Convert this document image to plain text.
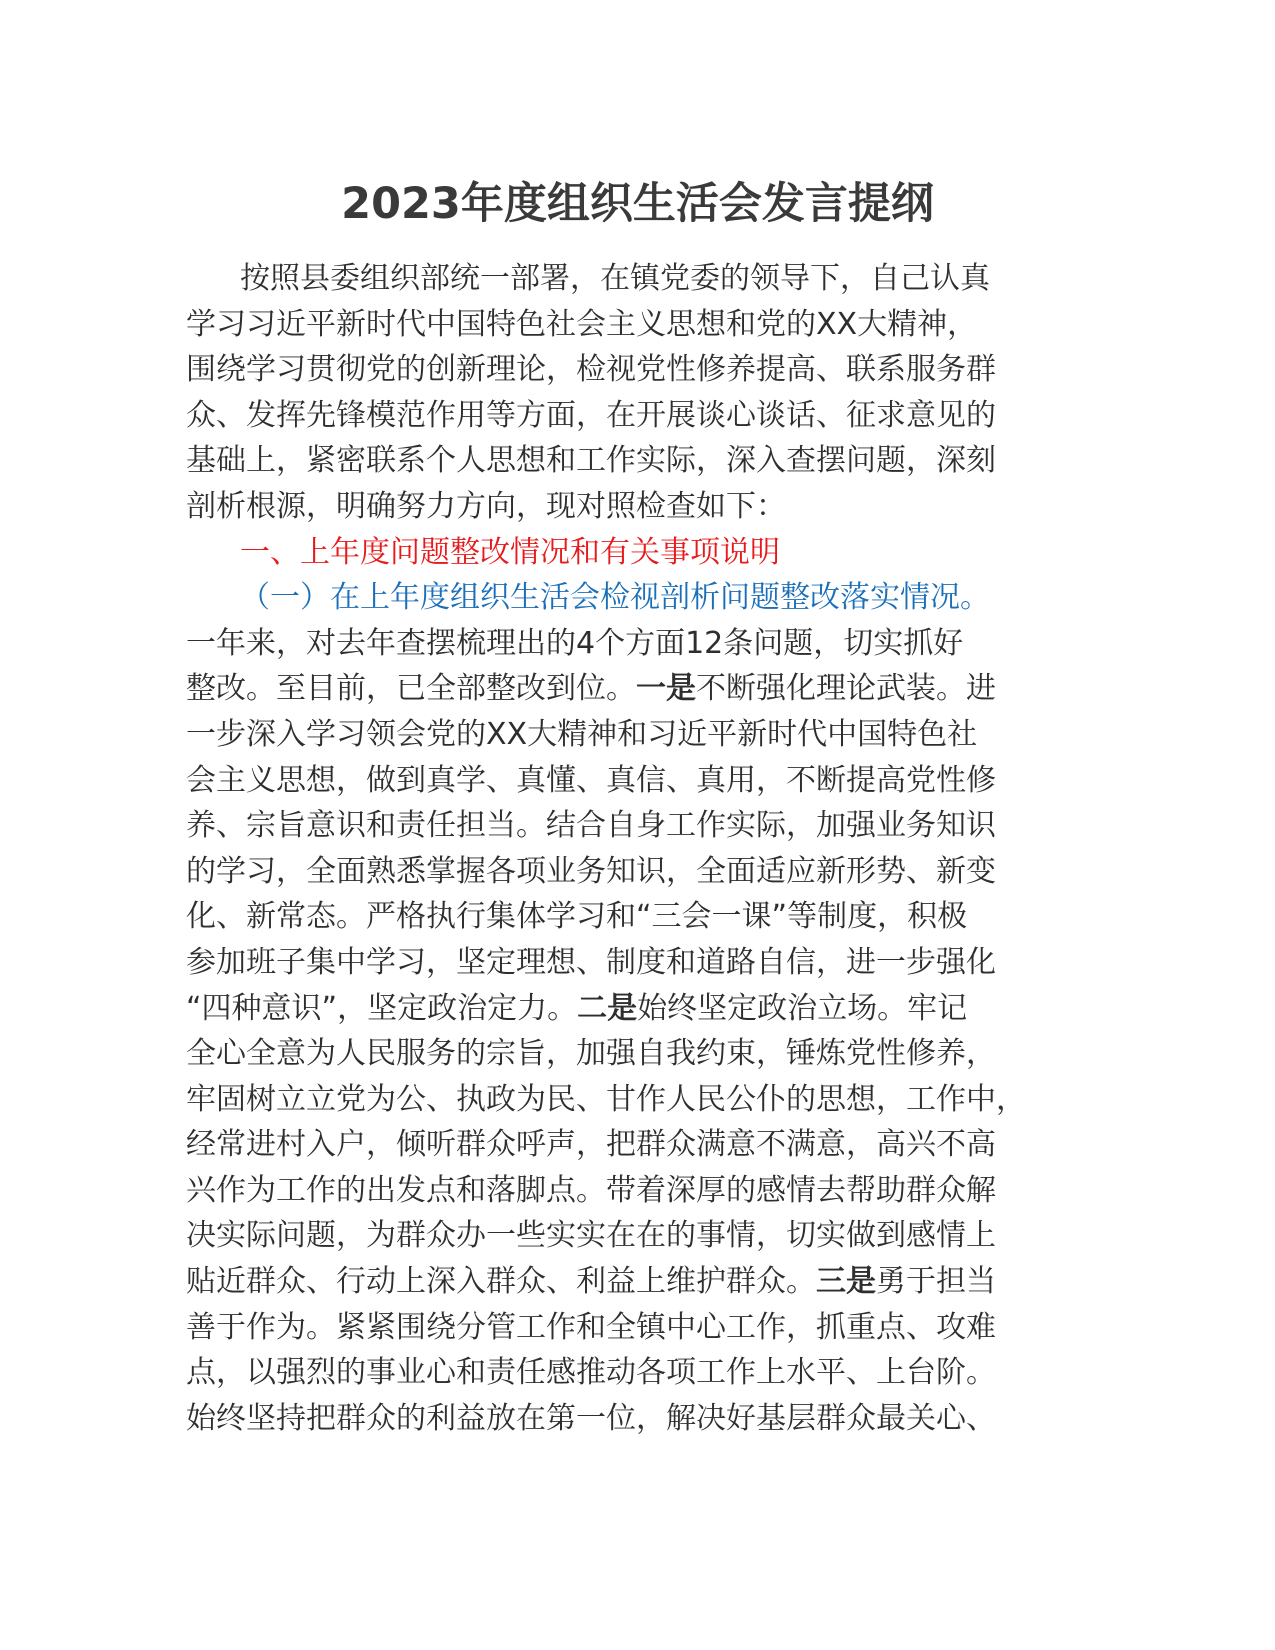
2023年度组织生活会发言提纲
按照县委组织部统一部署，在镇党委的领导下，自己认真
学习习近平新时代中国特色社会主义思想和党的XX大精神，
围绕学习贯彻党的创新理论，检视党性修养提高、联系服务群
众、发挥先锋模范作用等方面，在开展谈心谈话、征求意见的
基础上，紧密联系个人思想和工作实际，深入查摆问题，深刻
剖析根源，明确努力方向，现对照检查如下：
一、上年度问题整改情况和有关事项说明
（一）在上年度组织生活会检视剖析问题整改落实情况。
一年来，对去年查摆梳理出的4个方面12条问题，切实抓好
整改。至目前，已全部整改到位。一是不断强化理论武装。进
一步深入学习领会党的XX大精神和习近平新时代中国特色社
会主义思想，做到真学、真懂、真信、真用，不断提高党性修
养、宗旨意识和责任担当。结合自身工作实际，加强业务知识
的学习，全面熟悉掌握各项业务知识，全面适应新形势、新变
化、新常态。严格执行集体学习和“三会一课”等制度，积极
参加班子集中学习，坚定理想、制度和道路自信，进一步强化
“四种意识”，坚定政治定力。二是始终坚定政治立场。牢记
全心全意为人民服务的宗旨，加强自我约束，锤炼党性修养，
牢固树立立党为公、执政为民、甘作人民公仆的思想，工作中，
经常进村入户，倾听群众呼声，把群众满意不满意，高兴不高
兴作为工作的出发点和落脚点。带着深厚的感情去帮助群众解
决实际问题，为群众办一些实实在在的事情，切实做到感情上
贴近群众、行动上深入群众、利益上维护群众。三是勇于担当
善于作为。紧紧围绕分管工作和全镇中心工作，抓重点、攻难
点，以强烈的事业心和责任感推动各项工作上水平、上台阶。
始终坚持把群众的利益放在第一位，解决好基层群众最关心、
